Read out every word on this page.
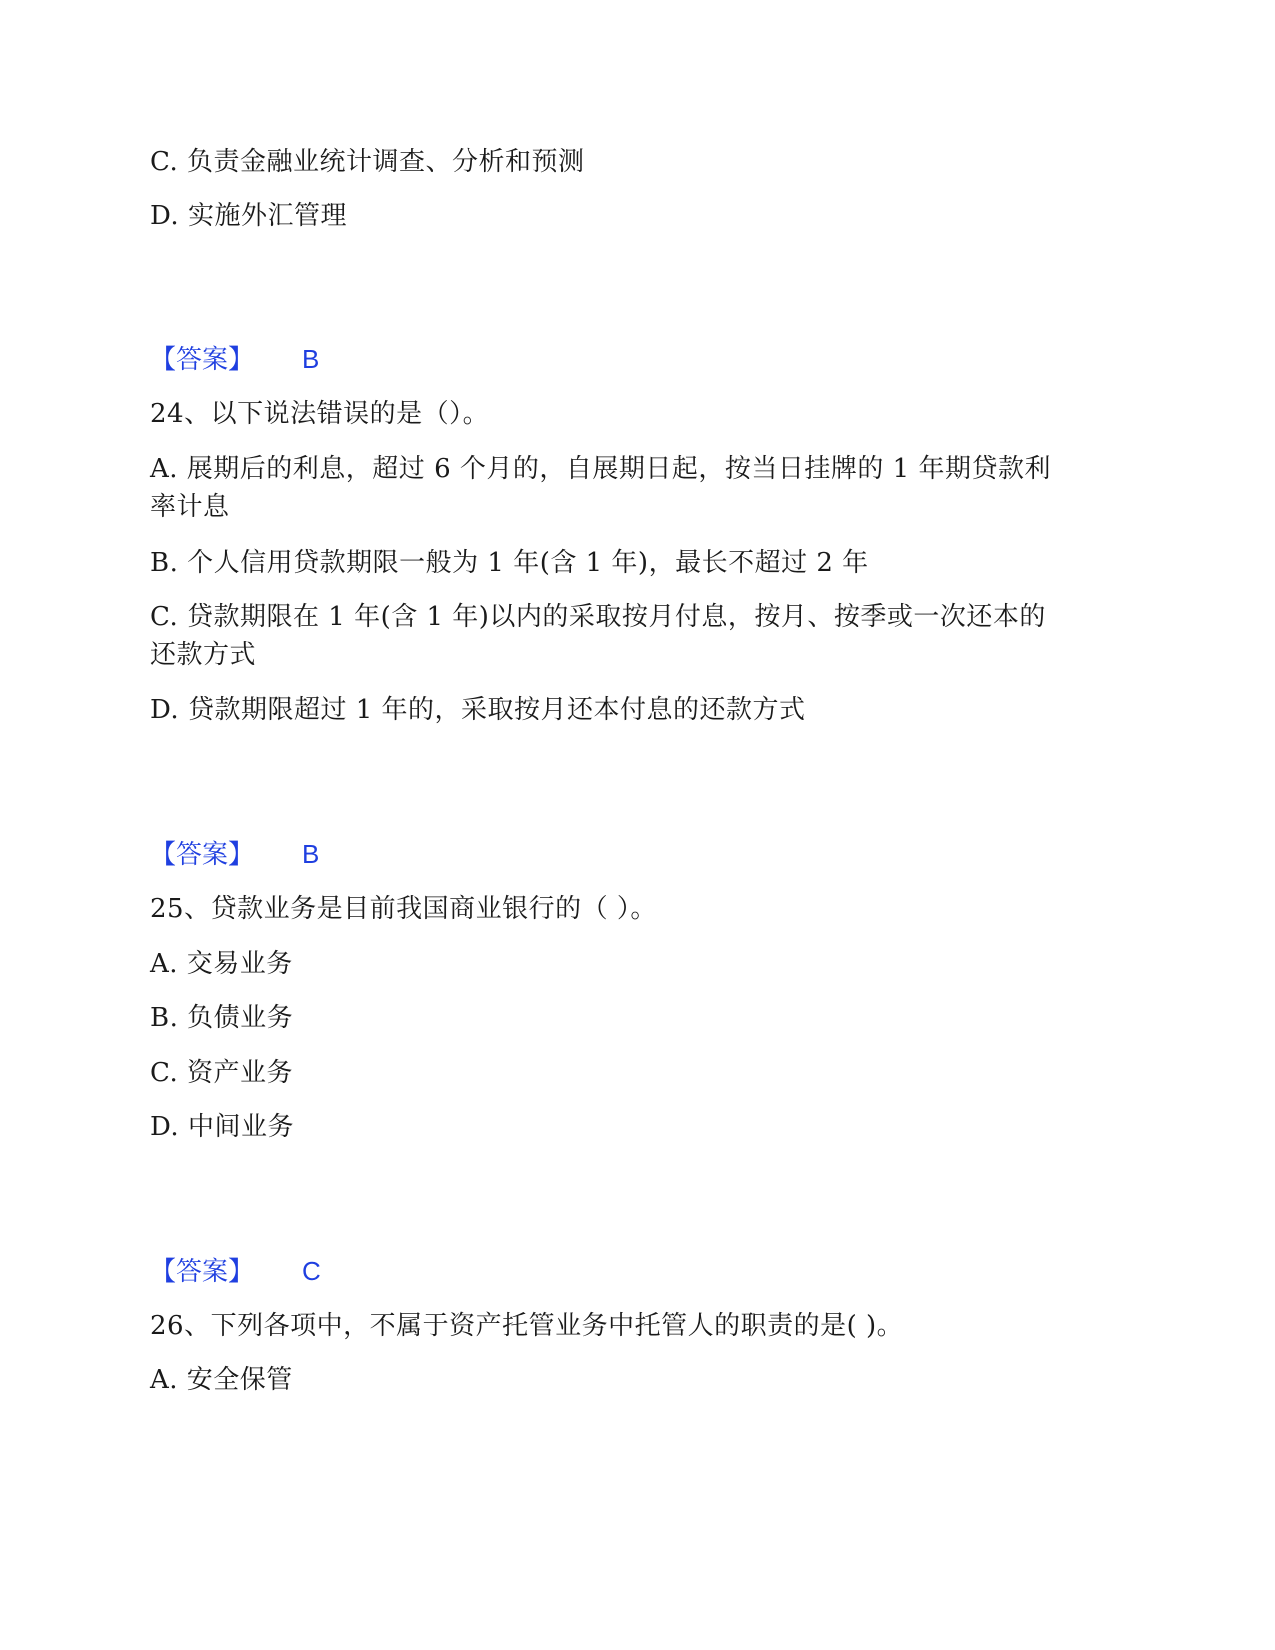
C. 负责金融业统计调查、分析和预测
D. 实施外汇管理
【答案】 B
24、以下说法错误的是（）。
A. 展期后的利息，超过 6 个月的，自展期日起，按当日挂牌的 1 年期贷款利
率计息
B. 个人信用贷款期限一般为 1 年(含 1 年)，最长不超过 2 年
C. 贷款期限在 1 年(含 1 年)以内的采取按月付息，按月、按季或一次还本的
还款方式
D. 贷款期限超过 1 年的，采取按月还本付息的还款方式
【答案】 B
25、贷款业务是目前我国商业银行的（ ）。
A. 交易业务
B. 负债业务
C. 资产业务
D. 中间业务
【答案】 C
26、下列各项中，不属于资产托管业务中托管人的职责的是( )。
A. 安全保管
